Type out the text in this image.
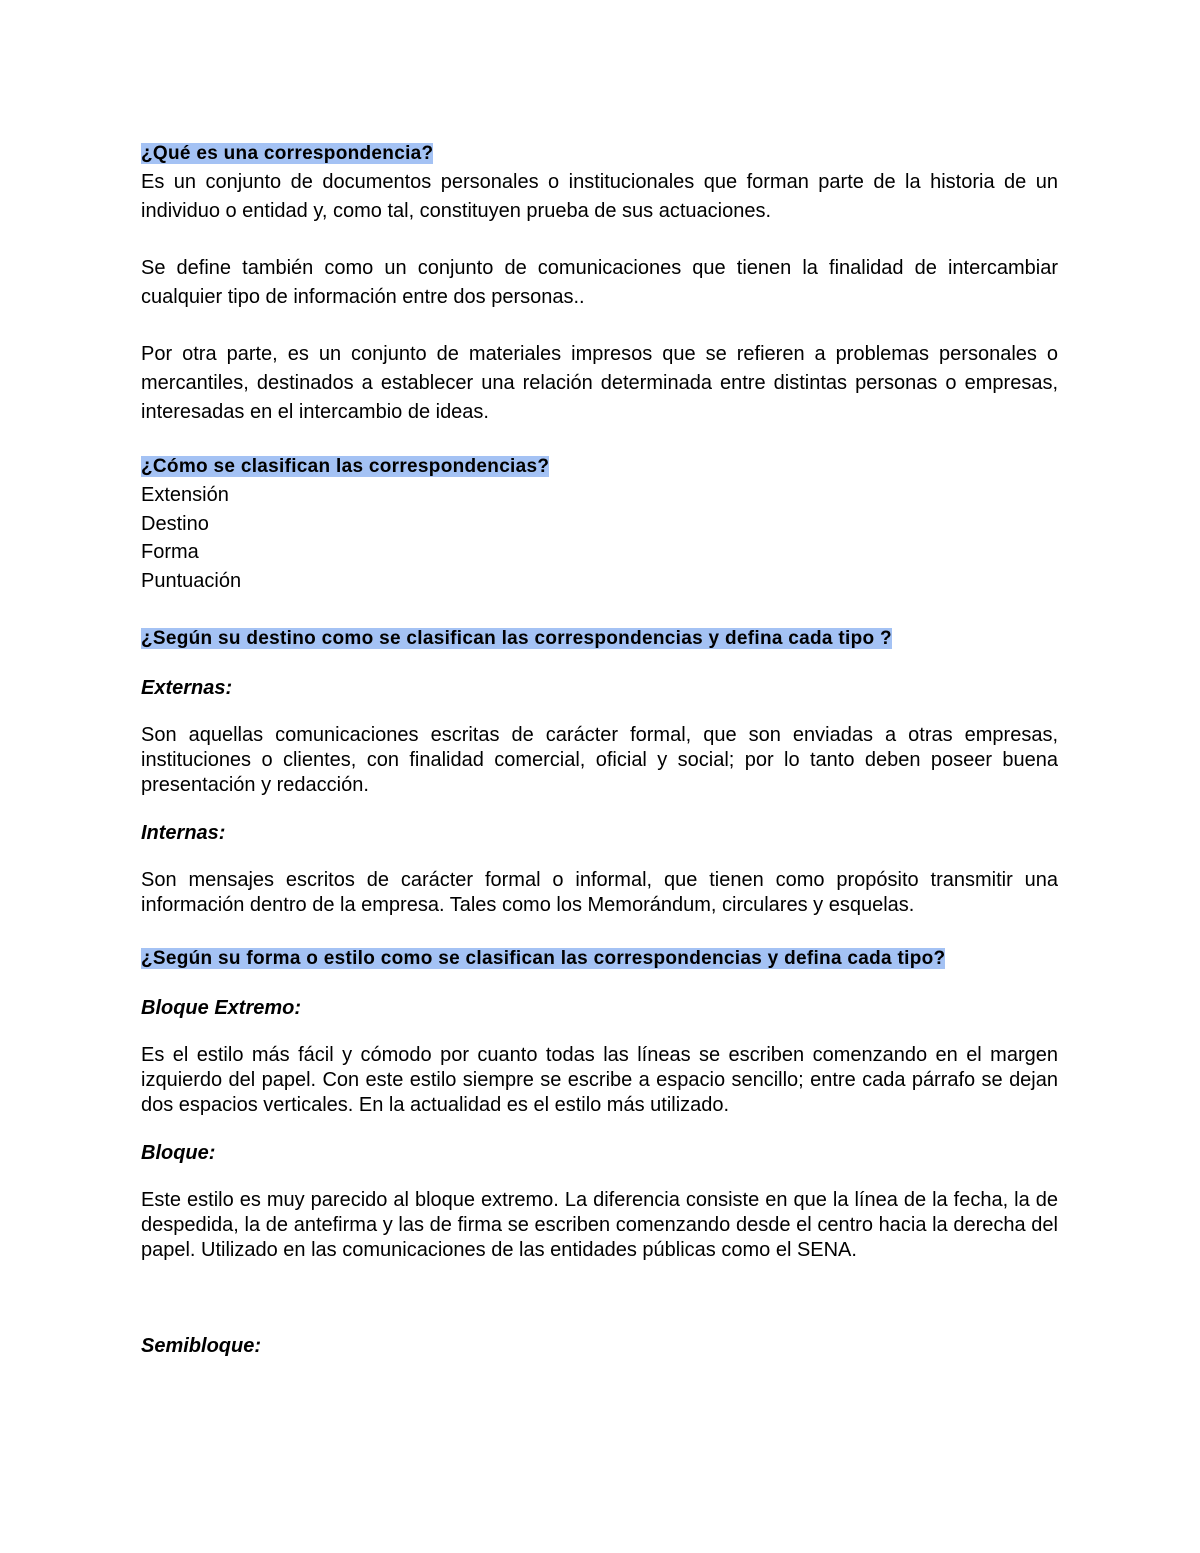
¿Qué es una correspondencia?

Es un conjunto de documentos personales o institucionales que forman parte de la historia de un individuo o entidad y, como tal, constituyen prueba de sus actuaciones.

Se define también como un conjunto de comunicaciones que tienen la finalidad de intercambiar cualquier tipo de información entre dos personas..

Por otra parte, es un conjunto de materiales impresos que se refieren a problemas personales o mercantiles, destinados a establecer una relación determinada entre distintas personas o empresas, interesadas en el intercambio de ideas.

¿Cómo se clasifican las correspondencias?
Extensión
Destino
Forma
Puntuación
¿Según su destino como se clasifican las correspondencias y defina cada tipo ?
Externas:

Son aquellas comunicaciones escritas de carácter formal, que son enviadas a otras empresas, instituciones o clientes, con finalidad comercial, oficial y social; por lo tanto deben poseer buena presentación y redacción.

Internas:

Son mensajes escritos de carácter formal o informal, que tienen como propósito transmitir una información dentro de la empresa. Tales como los Memorándum, circulares y esquelas.

¿Según su forma o estilo como se clasifican las correspondencias y defina cada tipo?
Bloque Extremo:

Es el estilo más fácil y cómodo por cuanto todas las líneas se escriben comenzando en el margen izquierdo del papel. Con este estilo siempre se escribe a espacio sencillo; entre cada párrafo se dejan dos espacios verticales. En la actualidad es el estilo más utilizado.

Bloque:

Este estilo es muy parecido al bloque extremo. La diferencia consiste en que la línea de la fecha, la de despedida, la de antefirma y las de firma se escriben comenzando desde el centro hacia la derecha del papel. Utilizado en las comunicaciones de las entidades públicas como el SENA.

Semibloque:
